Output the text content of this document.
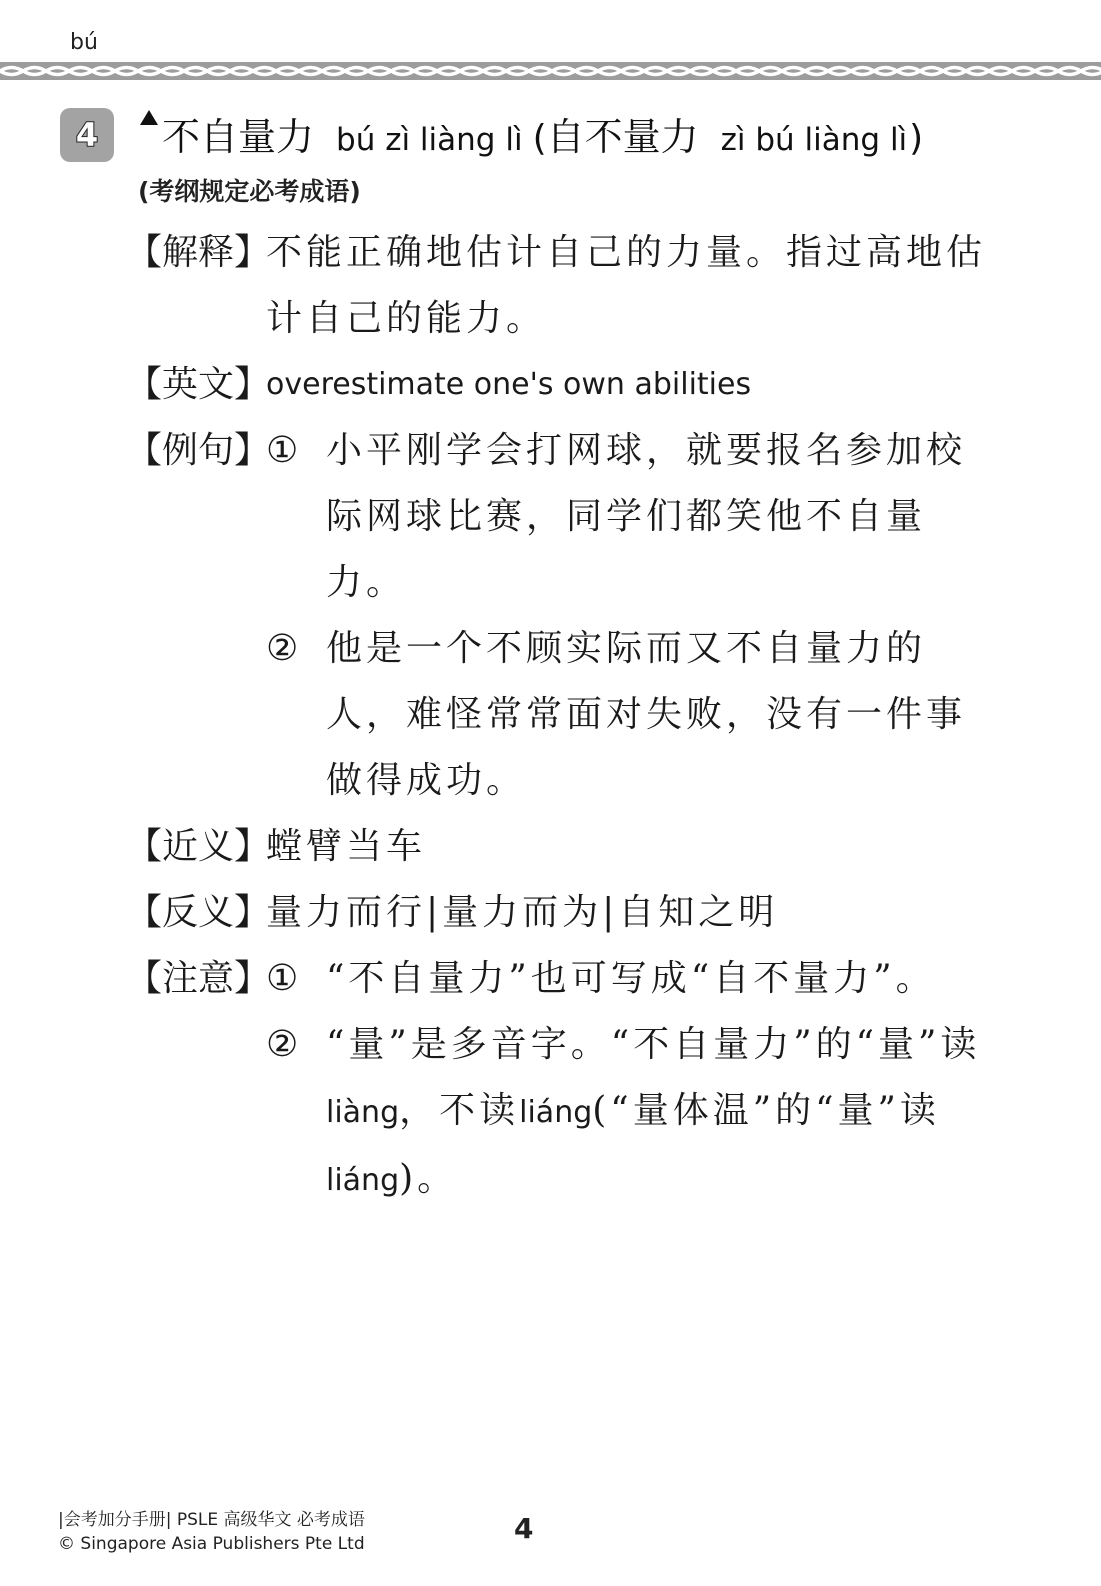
bú
4 不自量力 bú zì liàng lì ( 自不量力 zì bú liàng lì )
(考纲规定必考成语)
【解释】
不能正确地估计自己的力量。指过高地估计自己的能力。
【英文】
overestimate one's own abilities
【例句】
① 小平刚学会打网球，就要报名参加校际网球比赛，同学们都笑他不自量力。
② 他是一个不顾实际而又不自量力的人，难怪常常面对失败，没有一件事做得成功。
【近义】
螳臂当车
【反义】
量力而行|量力而为|自知之明
【注意】
① “不自量力”也可写成“自不量力”。
② “量”是多音字。“不自量力”的“量”读liàng，不读liáng(“量体温”的“量”读liáng)。
|会考加分手册| PSLE 高级华文 必考成语
© Singapore Asia Publishers Pte Ltd	4
